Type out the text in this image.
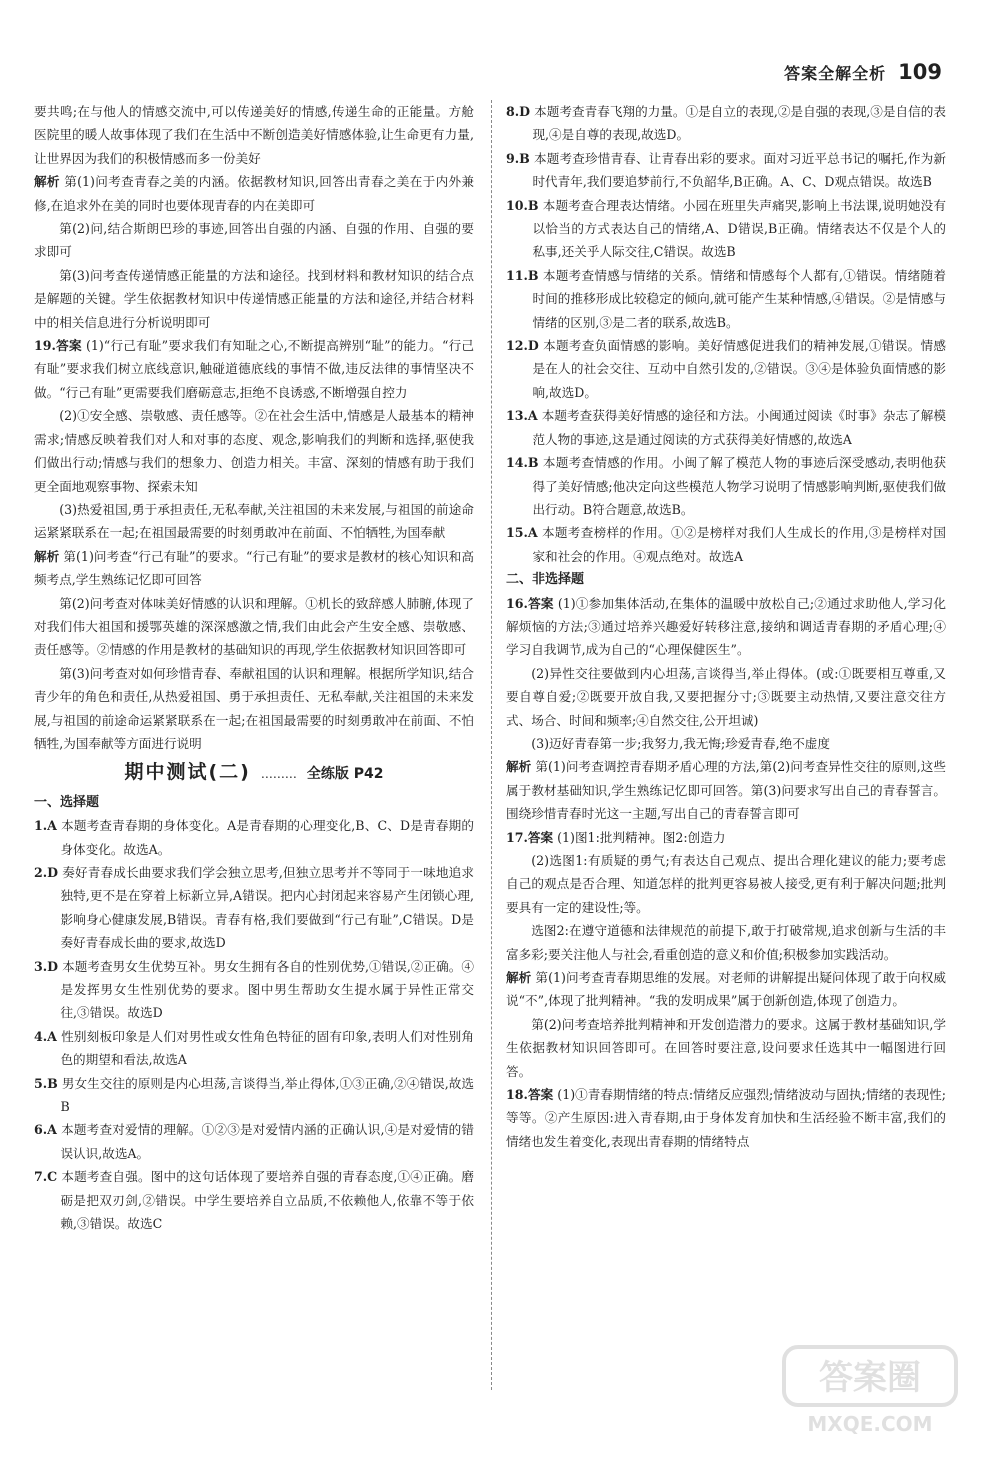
答案全解全析 109

要共鸣;在与他人的情感交流中,可以传递美好的情感,传递生命的正能量。方舱医院里的暖人故事体现了我们在生活中不断创造美好情感体验,让生命更有力量,让世界因为我们的积极情感而多一份美好

解析 第(1)问考查青春之美的内涵。依据教材知识,回答出青春之美在于内外兼修,在追求外在美的同时也要体现青春的内在美即可

第(2)问,结合斯朗巴珍的事迹,回答出自强的内涵、自强的作用、自强的要求即可

第(3)问考查传递情感正能量的方法和途径。找到材料和教材知识的结合点是解题的关键。学生依据教材知识中传递情感正能量的方法和途径,并结合材料中的相关信息进行分析说明即可

19.答案 (1)“行己有耻”要求我们有知耻之心,不断提高辨别“耻”的能力。“行己有耻”要求我们树立底线意识,触碰道德底线的事情不做,违反法律的事情坚决不做。“行己有耻”更需要我们磨砺意志,拒绝不良诱惑,不断增强自控力

(2)①安全感、崇敬感、责任感等。②在社会生活中,情感是人最基本的精神需求;情感反映着我们对人和对事的态度、观念,影响我们的判断和选择,驱使我们做出行动;情感与我们的想象力、创造力相关。丰富、深刻的情感有助于我们更全面地观察事物、探索未知

(3)热爱祖国,勇于承担责任,无私奉献,关注祖国的未来发展,与祖国的前途命运紧紧联系在一起;在祖国最需要的时刻勇敢冲在前面、不怕牺牲,为国奉献

解析 第(1)问考查“行己有耻”的要求。“行己有耻”的要求是教材的核心知识和高频考点,学生熟练记忆即可回答

第(2)问考查对体味美好情感的认识和理解。①机长的致辞感人肺腑,体现了对我们伟大祖国和援鄂英雄的深深感激之情,我们由此会产生安全感、崇敬感、责任感等。②情感的作用是教材的基础知识的再现,学生依据教材知识回答即可

第(3)问考查对如何珍惜青春、奉献祖国的认识和理解。根据所学知识,结合青少年的角色和责任,从热爱祖国、勇于承担责任、无私奉献,关注祖国的未来发展,与祖国的前途命运紧紧联系在一起;在祖国最需要的时刻勇敢冲在前面、不怕牺牲,为国奉献等方面进行说明

期中测试(二) ……… 全练版 P42

一、选择题

1.A 本题考查青春期的身体变化。A是青春期的心理变化,B、C、D是青春期的身体变化。故选A。

2.D 奏好青春成长曲要求我们学会独立思考,但独立思考并不等同于一味地追求独特,更不是在穿着上标新立异,A错误。把内心封闭起来容易产生闭锁心理,影响身心健康发展,B错误。青春有格,我们要做到“行己有耻”,C错误。D是奏好青春成长曲的要求,故选D

3.D 本题考查男女生优势互补。男女生拥有各自的性别优势,①错误,②正确。④是发挥男女生性别优势的要求。图中男生帮助女生提水属于异性正常交往,③错误。故选D

4.A 性别刻板印象是人们对男性或女性角色特征的固有印象,表明人们对性别角色的期望和看法,故选A

5.B 男女生交往的原则是内心坦荡,言谈得当,举止得体,①③正确,②④错误,故选B

6.A 本题考查对爱情的理解。①②③是对爱情内涵的正确认识,④是对爱情的错误认识,故选A。

7.C 本题考查自强。图中的这句话体现了要培养自强的青春态度,①④正确。磨砺是把双刃剑,②错误。中学生要培养自立品质,不依赖他人,依靠不等于依赖,③错误。故选C

8.D 本题考查青春飞翔的力量。①是自立的表现,②是自强的表现,③是自信的表现,④是自尊的表现,故选D。

9.B 本题考查珍惜青春、让青春出彩的要求。面对习近平总书记的嘱托,作为新时代青年,我们要追梦前行,不负韶华,B正确。A、C、D观点错误。故选B

10.B 本题考查合理表达情绪。小园在班里失声痛哭,影响上书法课,说明她没有以恰当的方式表达自己的情绪,A、D错误,B正确。情绪表达不仅是个人的私事,还关乎人际交往,C错误。故选B

11.B 本题考查情感与情绪的关系。情绪和情感每个人都有,①错误。情绪随着时间的推移形成比较稳定的倾向,就可能产生某种情感,④错误。②是情感与情绪的区别,③是二者的联系,故选B。

12.D 本题考查负面情感的影响。美好情感促进我们的精神发展,①错误。情感是在人的社会交往、互动中自然引发的,②错误。③④是体验负面情感的影响,故选D。

13.A 本题考查获得美好情感的途径和方法。小闽通过阅读《时事》杂志了解模范人物的事迹,这是通过阅读的方式获得美好情感的,故选A

14.B 本题考查情感的作用。小闽了解了模范人物的事迹后深受感动,表明他获得了美好情感;他决定向这些模范人物学习说明了情感影响判断,驱使我们做出行动。B符合题意,故选B。

15.A 本题考查榜样的作用。①②是榜样对我们人生成长的作用,③是榜样对国家和社会的作用。④观点绝对。故选A

二、非选择题

16.答案 (1)①参加集体活动,在集体的温暖中放松自己;②通过求助他人,学习化解烦恼的方法;③通过培养兴趣爱好转移注意,接纳和调适青春期的矛盾心理;④学习自我调节,成为自己的“心理保健医生”。

(2)异性交往要做到内心坦荡,言谈得当,举止得体。(或:①既要相互尊重,又要自尊自爱;②既要开放自我,又要把握分寸;③既要主动热情,又要注意交往方式、场合、时间和频率;④自然交往,公开坦诚)

(3)迈好青春第一步;我努力,我无悔;珍爱青春,绝不虚度

解析 第(1)问考查调控青春期矛盾心理的方法,第(2)问考查异性交往的原则,这些属于教材基础知识,学生熟练记忆即可回答。第(3)问要求写出自己的青春誓言。围绕珍惜青春时光这一主题,写出自己的青春誓言即可

17.答案 (1)图1:批判精神。图2:创造力

(2)选图1:有质疑的勇气;有表达自己观点、提出合理化建议的能力;要考虑自己的观点是否合理、知道怎样的批判更容易被人接受,更有利于解决问题;批判要具有一定的建设性;等。

选图2:在遵守道德和法律规范的前提下,敢于打破常规,追求创新与生活的丰富多彩;要关注他人与社会,看重创造的意义和价值;积极参加实践活动。

解析 第(1)问考查青春期思维的发展。对老师的讲解提出疑问体现了敢于向权威说“不”,体现了批判精神。“我的发明成果”属于创新创造,体现了创造力。

第(2)问考查培养批判精神和开发创造潜力的要求。这属于教材基础知识,学生依据教材知识回答即可。在回答时要注意,设问要求任选其中一幅图进行回答。

18.答案 (1)①青春期情绪的特点:情绪反应强烈;情绪波动与固执;情绪的表现性;等等。②产生原因:进入青春期,由于身体发育加快和生活经验不断丰富,我们的情绪也发生着变化,表现出青春期的情绪特点

答案圈
MXQE.COM
